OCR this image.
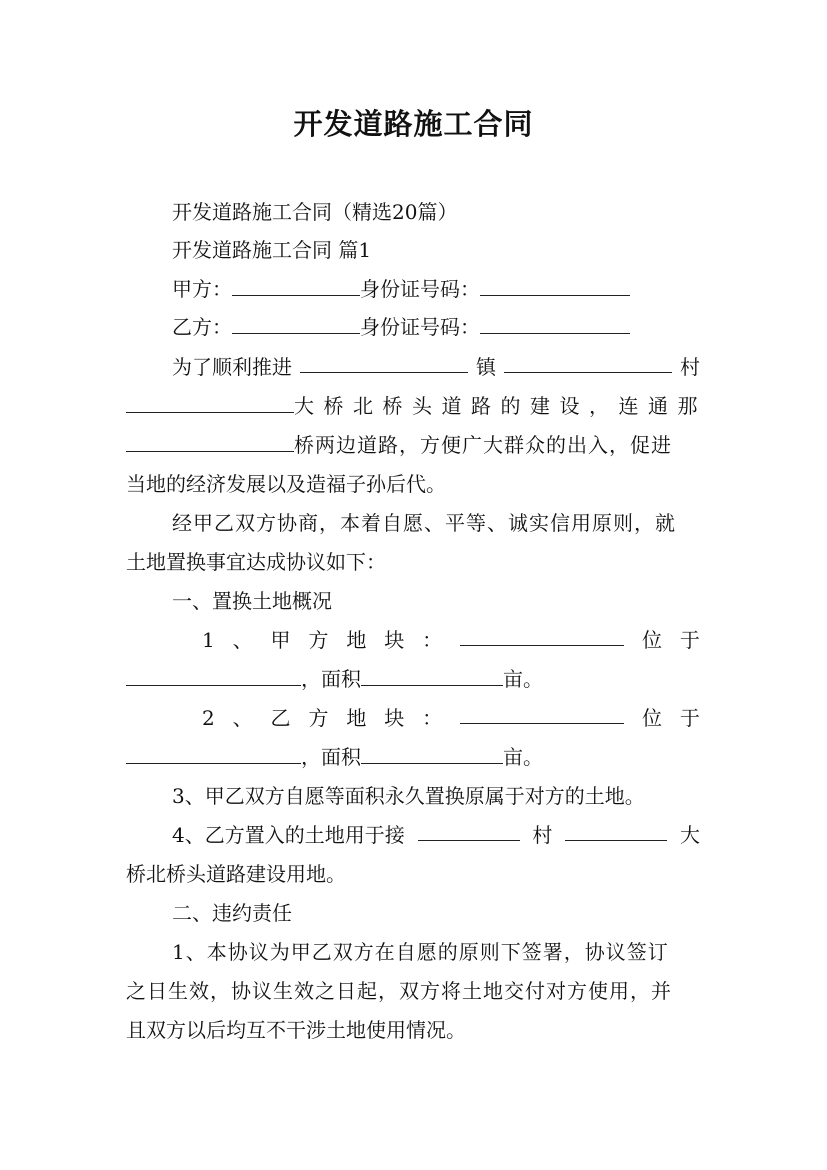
开发道路施工合同
开发道路施工合同（精选20篇）
开发道路施工合同 篇1
甲方：	身份证号码：
乙方：	身份证号码：
为了顺利推进	镇	村
大桥北桥头道路的建设，连通那
桥两边道路，方便广大群众的出入，促进
当地的经济发展以及造福子孙后代。
经甲乙双方协商，本着自愿、平等、诚实信用原则，就
土地置换事宜达成协议如下：
一、置换土地概况
1 、 甲 方 地 块 ：	位 于
，面积	亩。
2 、 乙 方 地 块 ：	位 于
，面积	亩。
3、甲乙双方自愿等面积永久置换原属于对方的土地。
4、乙方置入的土地用于接	村	大
桥北桥头道路建设用地。
二、违约责任
1、本协议为甲乙双方在自愿的原则下签署，协议签订
之日生效，协议生效之日起，双方将土地交付对方使用，并
且双方以后均互不干涉土地使用情况。
